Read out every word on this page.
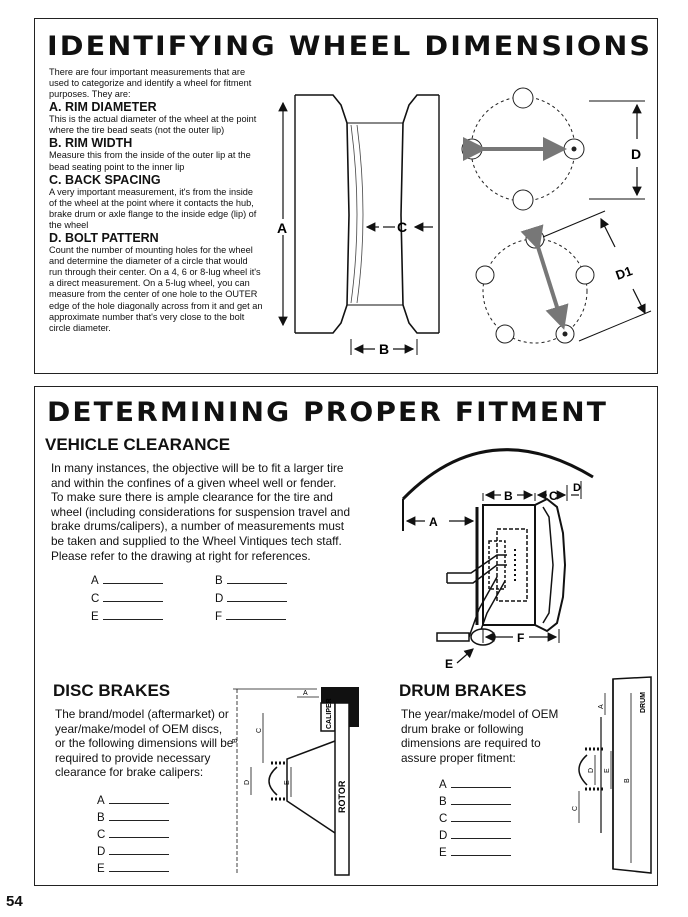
IDENTIFYING WHEEL DIMENSIONS
There are four important measurements that are used to categorize and identify a wheel for fitment purposes. They are:
A. RIM DIAMETER
This is the actual diameter of the wheel at the point where the tire bead seats (not the outer lip)
B. RIM WIDTH
Measure this from the inside of the outer lip at the bead seating point to the inner lip
C. BACK SPACING
A very important measurement, it's from the inside of the wheel at the point where it contacts the hub, brake drum or axle flange to the inside edge (lip) of the wheel
D. BOLT PATTERN
Count the number of mounting holes for the wheel and determine the diameter of a circle that would run through their center. On a 4, 6 or 8-lug wheel it's a direct measurement. On a 5-lug wheel, you can measure from the center of one hole to the OUTER edge of the hole diagonally across from it and get an approximate number that's very close to the bolt circle diameter.
A	C
B
D
D1
DETERMINING PROPER FITMENT
VEHICLE CLEARANCE
In many instances, the objective will be to fit a larger tire and within the confines of a given wheel well or fender. To make sure there is ample clearance for the tire and wheel (including considerations for suspension travel and brake drums/calipers), a number of measurements must be taken and supplied to the Wheel Vintiques tech staff. Please refer to the drawing at right for references.
A	B
C	D
E	F
B	C
D
A
F
E
DISC BRAKES
The brand/model (aftermarket) or year/make/model of OEM discs, or the following dimensions will be required to provide necessary clearance for brake calipers:
A
B
C
D
E
CALIPER
ROTOR
B
A
C
D	E
DRUM BRAKES
The year/make/model of OEM drum brake or following dimensions are required to assure proper fitment:
A
B
C
D
E
DRUM
A
B
C
D E
54
